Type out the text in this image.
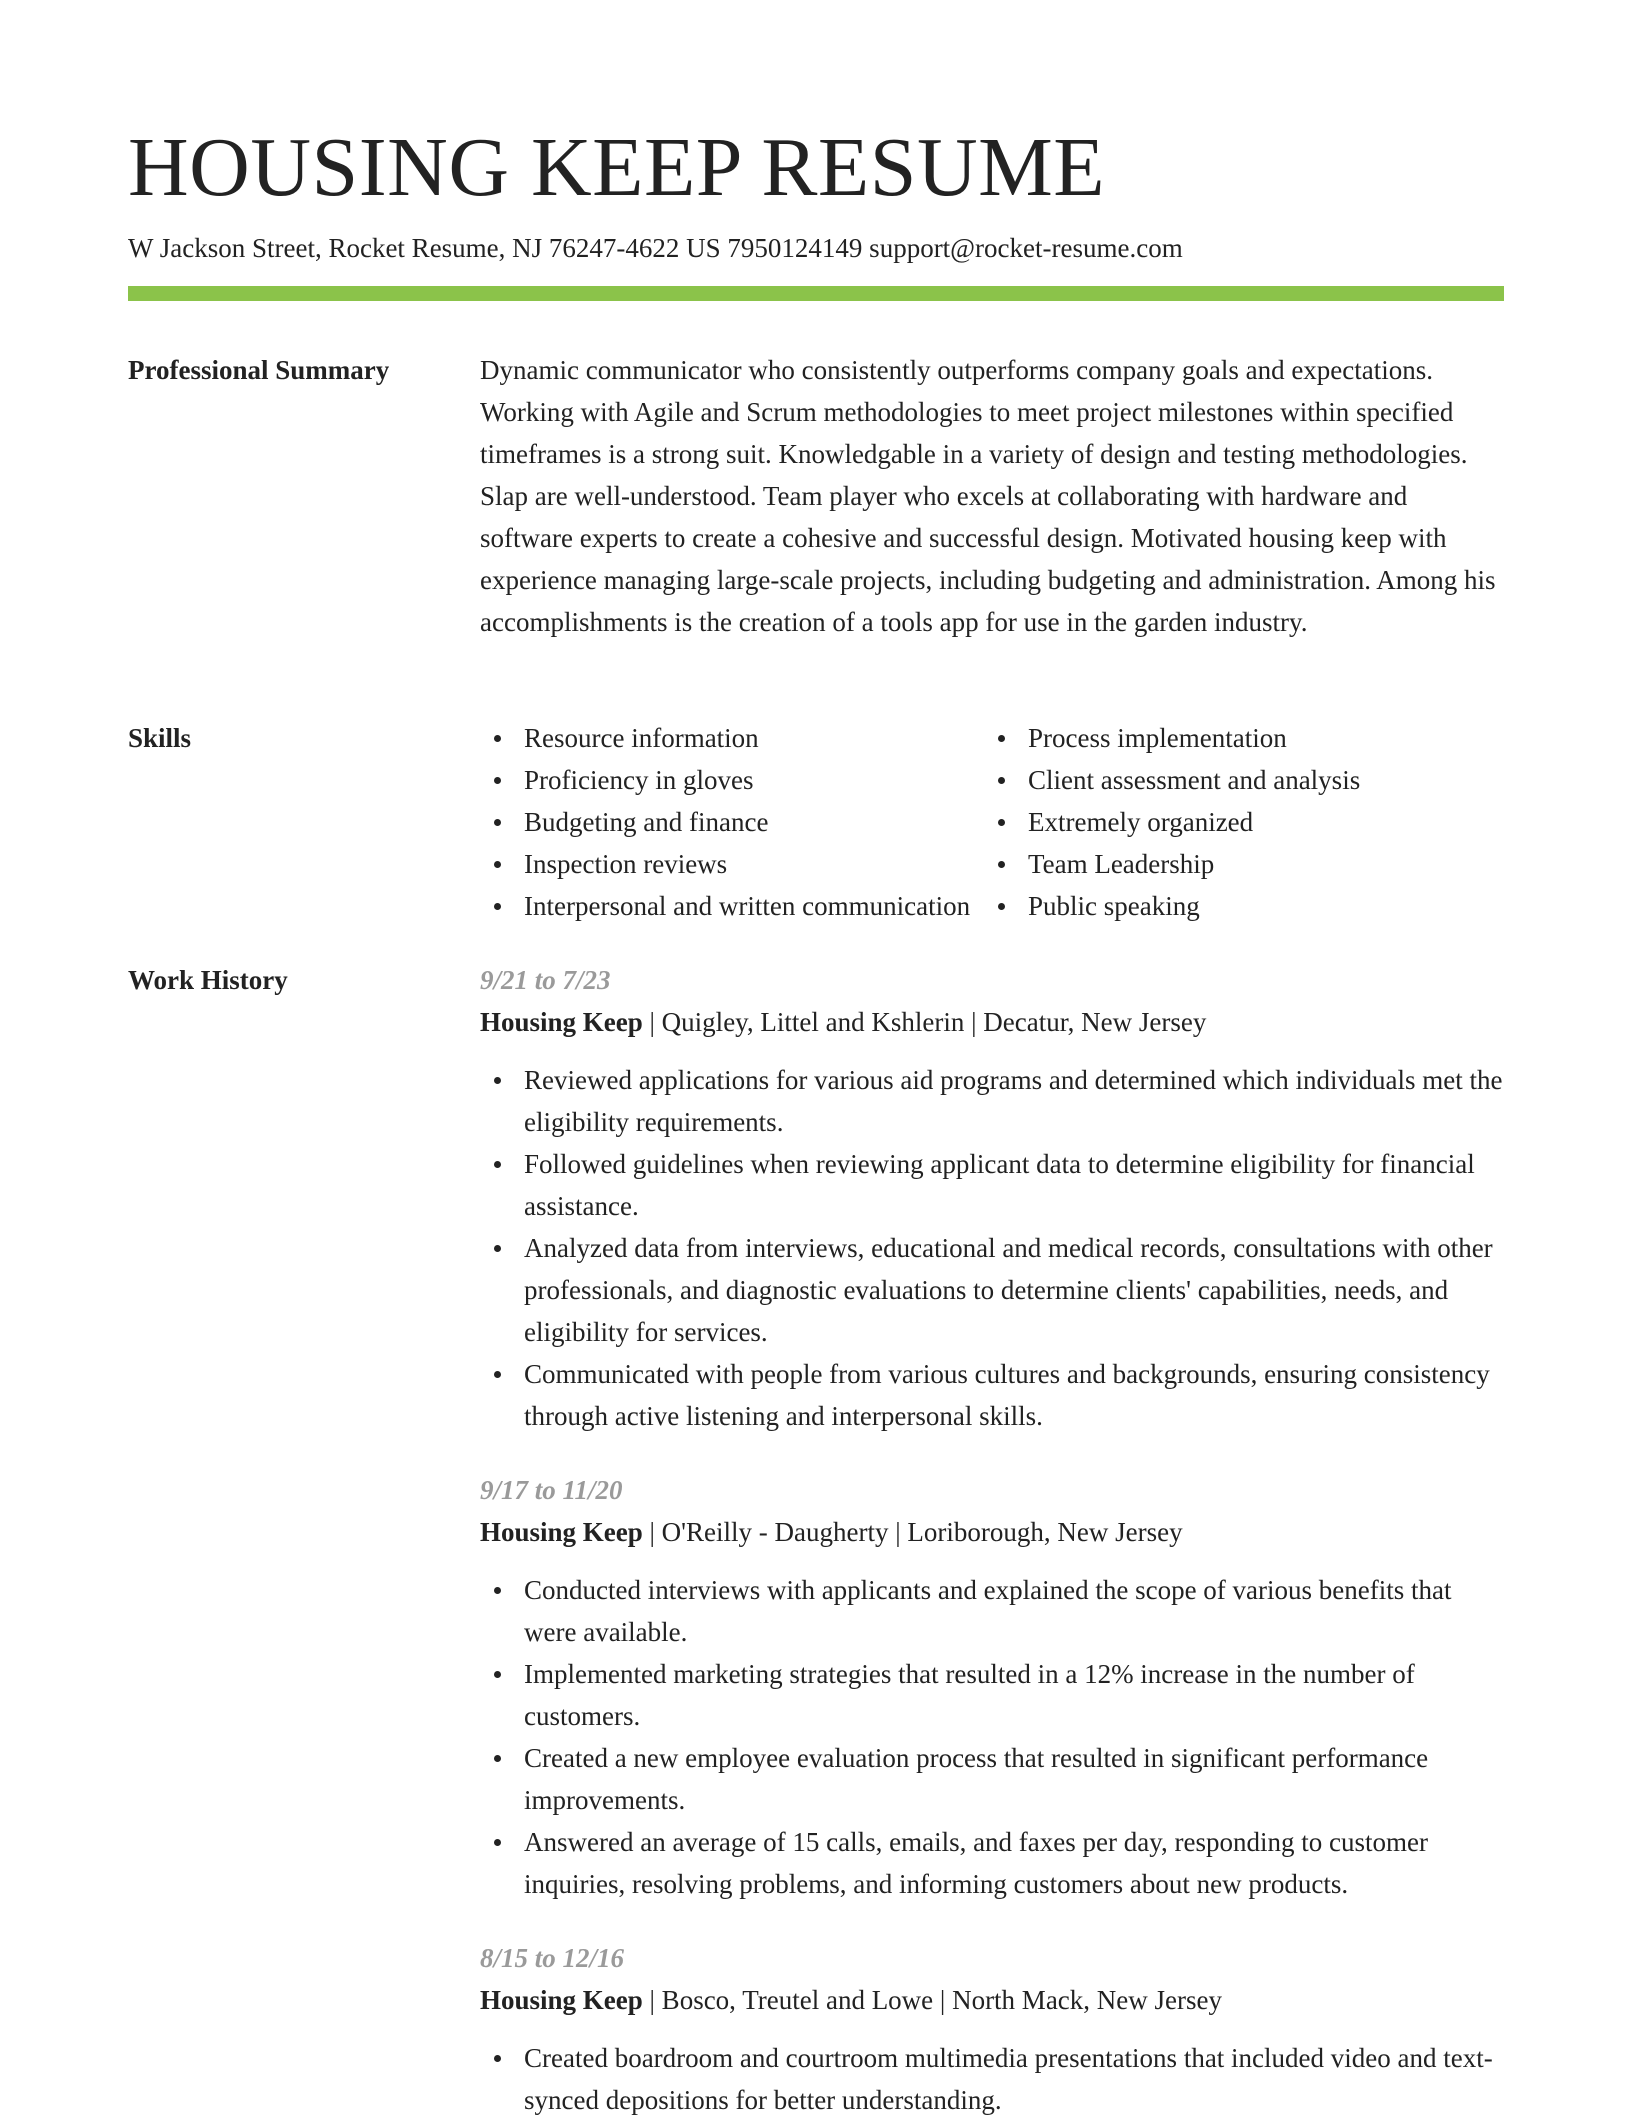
HOUSING KEEP RESUME
W Jackson Street, Rocket Resume, NJ 76247-4622 US 7950124149 support@rocket-resume.com
Professional Summary	Dynamic communicator who consistently outperforms company goals and expectations. Working with Agile and Scrum methodologies to meet project milestones within specified timeframes is a strong suit. Knowledgable in a variety of design and testing methodologies. Slap are well-understood. Team player who excels at collaborating with hardware and software experts to create a cohesive and successful design. Motivated housing keep with experience managing large-scale projects, including budgeting and administration. Among his accomplishments is the creation of a tools app for use in the garden industry.

Skills	Resource information
Proficiency in gloves
Budgeting and finance
Inspection reviews
Interpersonal and written communication
Process implementation
Client assessment and analysis
Extremely organized
Team Leadership
Public speaking
Work History	9/21 to 7/23
Housing Keep | Quigley, Littel and Kshlerin | Decatur, New Jersey
Reviewed applications for various aid programs and determined which individuals met the eligibility requirements.
Followed guidelines when reviewing applicant data to determine eligibility for financial assistance.
Analyzed data from interviews, educational and medical records, consultations with other professionals, and diagnostic evaluations to determine clients' capabilities, needs, and eligibility for services.
Communicated with people from various cultures and backgrounds, ensuring consistency through active listening and interpersonal skills.
9/17 to 11/20
Housing Keep | O'Reilly - Daugherty | Loriborough, New Jersey
Conducted interviews with applicants and explained the scope of various benefits that were available.
Implemented marketing strategies that resulted in a 12% increase in the number of customers.
Created a new employee evaluation process that resulted in significant performance improvements.
Answered an average of 15 calls, emails, and faxes per day, responding to customer inquiries, resolving problems, and informing customers about new products.
8/15 to 12/16
Housing Keep | Bosco, Treutel and Lowe | North Mack, New Jersey
Created boardroom and courtroom multimedia presentations that included video and text-synced depositions for better understanding.
